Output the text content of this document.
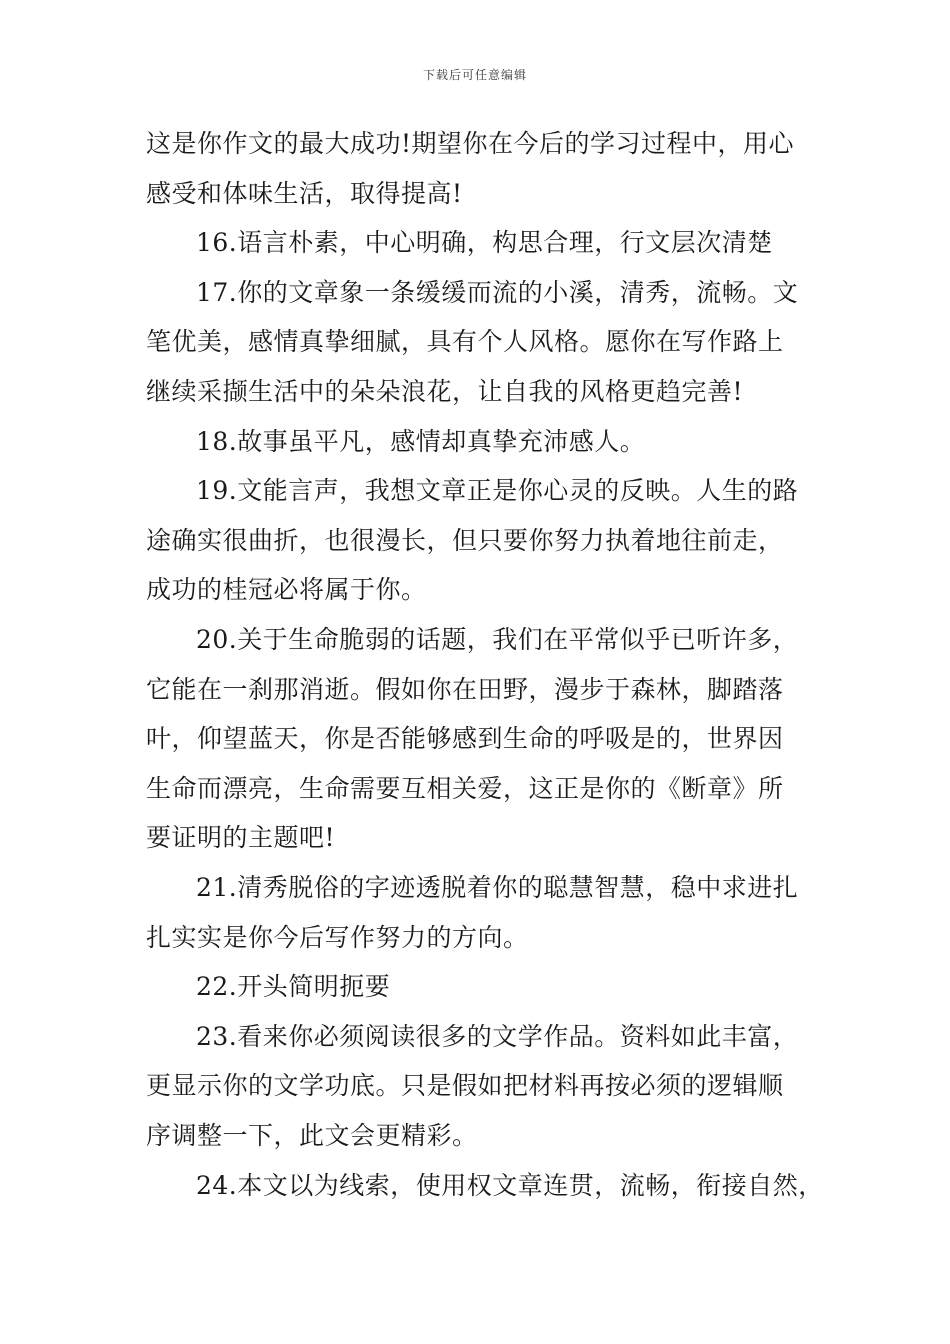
下载后可任意编辑
这是你作文的最大成功!期望你在今后的学习过程中，用心
感受和体味生活，取得提高!
16.语言朴素，中心明确，构思合理，行文层次清楚
17.你的文章象一条缓缓而流的小溪，清秀，流畅。文
笔优美，感情真挚细腻，具有个人风格。愿你在写作路上
继续采撷生活中的朵朵浪花，让自我的风格更趋完善!
18.故事虽平凡，感情却真挚充沛感人。
19.文能言声，我想文章正是你心灵的反映。人生的路
途确实很曲折，也很漫长，但只要你努力执着地往前走，
成功的桂冠必将属于你。
20.关于生命脆弱的话题，我们在平常似乎已听许多，
它能在一刹那消逝。假如你在田野，漫步于森林，脚踏落
叶，仰望蓝天，你是否能够感到生命的呼吸是的，世界因
生命而漂亮，生命需要互相关爱，这正是你的《断章》所
要证明的主题吧!
21.清秀脱俗的字迹透脱着你的聪慧智慧，稳中求进扎
扎实实是你今后写作努力的方向。
22.开头简明扼要
23.看来你必须阅读很多的文学作品。资料如此丰富，
更显示你的文学功底。只是假如把材料再按必须的逻辑顺
序调整一下，此文会更精彩。
24.本文以为线索，使用权文章连贯，流畅，衔接自然，
